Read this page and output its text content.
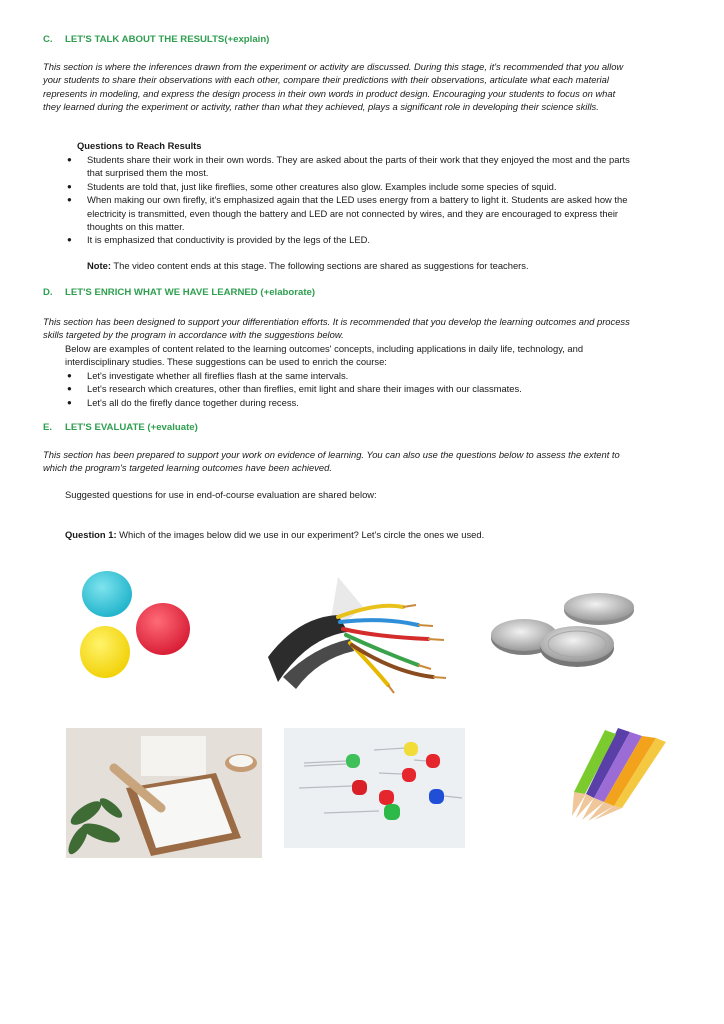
C. LET'S TALK ABOUT THE RESULTS(+explain)

This section is where the inferences drawn from the experiment or activity are discussed. During this stage, it's recommended that you allow your students to share their observations with each other, compare their predictions with their observations, articulate what each material represents in modeling, and express the design process in their own words in product design. Encouraging your students to focus on what they learned during the experiment or activity, rather than what they achieved, plays a significant role in developing their science skills.

Questions to Reach Results
● Students share their work in their own words. They are asked about the parts of their work that they enjoyed the most and the parts that surprised them the most.
● Students are told that, just like fireflies, some other creatures also glow. Examples include some species of squid.
● When making our own firefly, it's emphasized again that the LED uses energy from a battery to light it. Students are asked how the electricity is transmitted, even though the battery and LED are not connected by wires, and they are encouraged to express their thoughts on this matter.
● It is emphasized that conductivity is provided by the legs of the LED.

Note: The video content ends at this stage. The following sections are shared as suggestions for teachers.

D. LET'S ENRICH WHAT WE HAVE LEARNED (+elaborate)

This section has been designed to support your differentiation efforts. It is recommended that you develop the learning outcomes and process skills targeted by the program in accordance with the suggestions below.

Below are examples of content related to the learning outcomes' concepts, including applications in daily life, technology, and interdisciplinary studies. These suggestions can be used to enrich the course:

● Let's investigate whether all fireflies flash at the same intervals.
● Let's research which creatures, other than fireflies, emit light and share their images with our classmates.
● Let's all do the firefly dance together during recess.
E. LET'S EVALUATE (+evaluate)

This section has been prepared to support your work on evidence of learning. You can also use the questions below to assess the extent to which the program's targeted learning outcomes have been achieved.

Suggested questions for use in end-of-course evaluation are shared below:

Question 1: Which of the images below did we use in our experiment? Let's circle the ones we used.
